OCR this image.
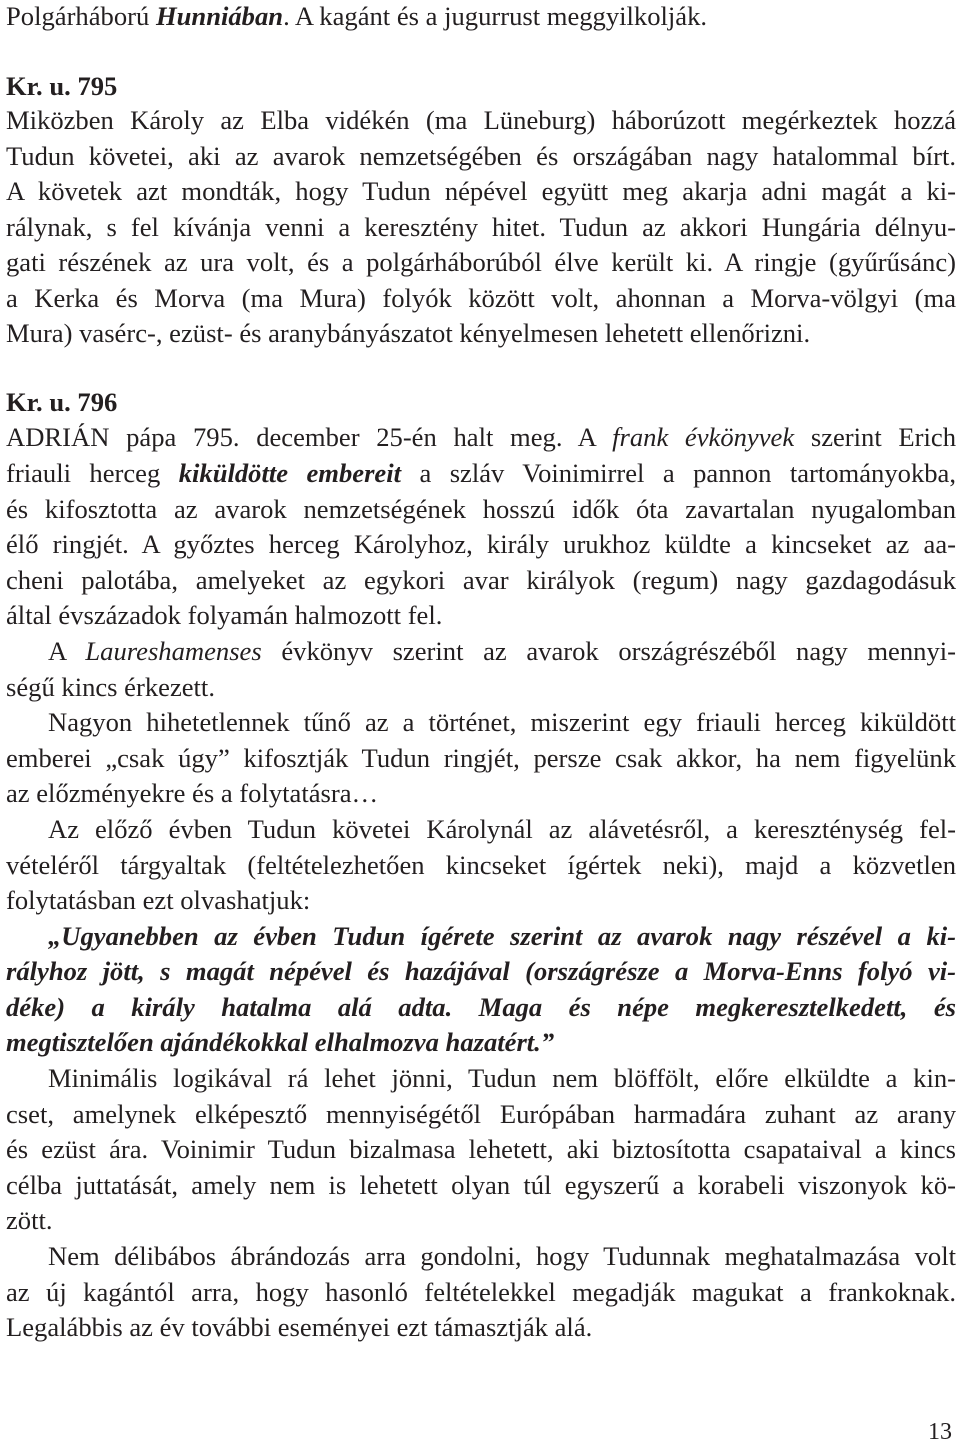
Polgárháború Hunniában. A kagánt és a jugurrust meggyilkolják.
Kr. u. 795
Miközben Károly az Elba vidékén (ma Lüneburg) háborúzott megérkeztek hozzá
Tudun követei, aki az avarok nemzetségében és országában nagy hatalommal bírt.
A követek azt mondták, hogy Tudun népével együtt meg akarja adni magát a ki-
rálynak, s fel kívánja venni a keresztény hitet. Tudun az akkori Hungária délnyu-
gati részének az ura volt, és a polgárháborúból élve került ki. A ringje (gyűrűsánc)
a Kerka és Morva (ma Mura) folyók között volt, ahonnan a Morva-völgyi (ma
Mura) vasérc-, ezüst- és aranybányászatot kényelmesen lehetett ellenőrizni.
Kr. u. 796
ADRIÁN pápa 795. december 25-én halt meg. A frank évkönyvek szerint Erich
friauli herceg kiküldötte embereit a szláv Voinimirrel a pannon tartományokba,
és kifosztotta az avarok nemzetségének hosszú idők óta zavartalan nyugalomban
élő ringjét. A győztes herceg Károlyhoz, király urukhoz küldte a kincseket az aa-
cheni palotába, amelyeket az egykori avar királyok (regum) nagy gazdagodásuk
által évszázadok folyamán halmozott fel.
A Laureshamenses évkönyv szerint az avarok országrészéből nagy mennyi-
ségű kincs érkezett.
Nagyon hihetetlennek tűnő az a történet, miszerint egy friauli herceg kiküldött
emberei „csak úgy” kifosztják Tudun ringjét, persze csak akkor, ha nem figyelünk
az előzményekre és a folytatásra…
Az előző évben Tudun követei Károlynál az alávetésről, a kereszténység fel-
vételéről tárgyaltak (feltételezhetően kincseket ígértek neki), majd a közvetlen
folytatásban ezt olvashatjuk:
„Ugyanebben az évben Tudun ígérete szerint az avarok nagy részével a ki-
rályhoz jött, s magát népével és hazájával (országrésze a Morva-Enns folyó vi-
déke) a király hatalma alá adta. Maga és népe megkeresztelkedett, és
megtisztelően ajándékokkal elhalmozva hazatért.”
Minimális logikával rá lehet jönni, Tudun nem blöffölt, előre elküldte a kin-
cset, amelynek elképesztő mennyiségétől Európában harmadára zuhant az arany
és ezüst ára. Voinimir Tudun bizalmasa lehetett, aki biztosította csapataival a kincs
célba juttatását, amely nem is lehetett olyan túl egyszerű a korabeli viszonyok kö-
zött.
Nem délibábos ábrándozás arra gondolni, hogy Tudunnak meghatalmazása volt
az új kagántól arra, hogy hasonló feltételekkel megadják magukat a frankoknak.
Legalábbis az év további eseményei ezt támasztják alá.
13
